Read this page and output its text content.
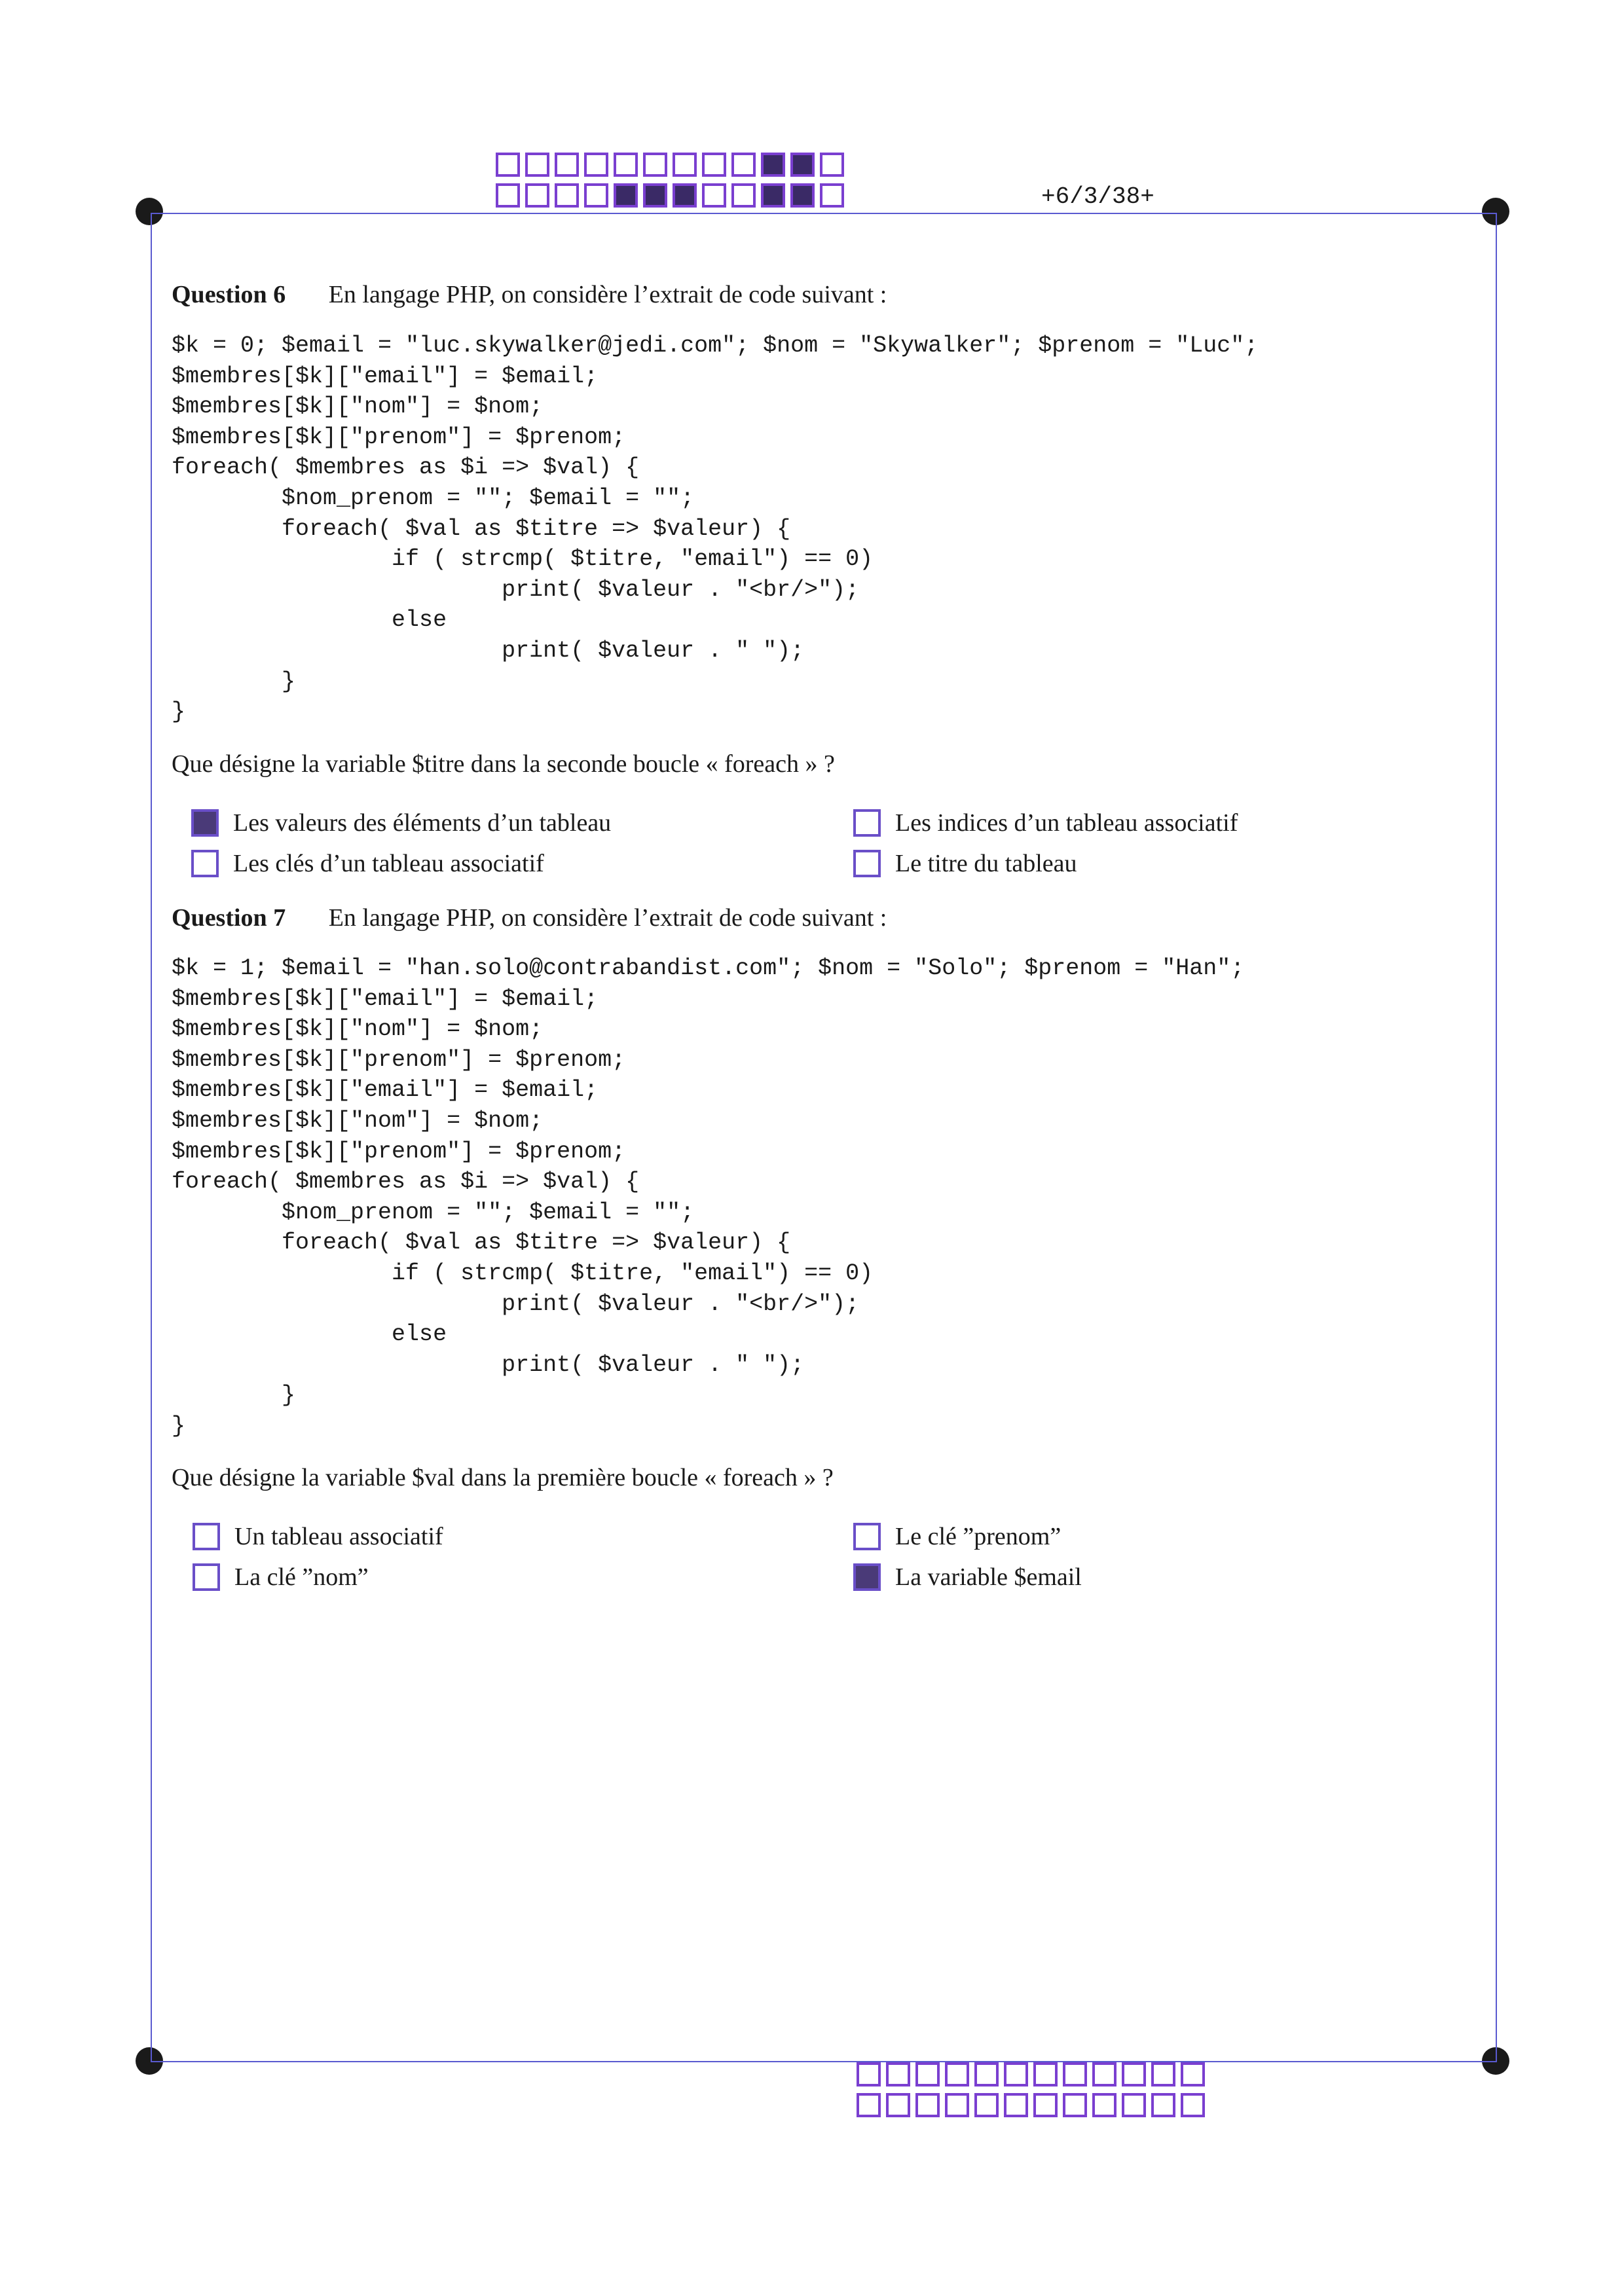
+6/3/38+
Question 6 En langage PHP, on considère l’extrait de code suivant :
$k = 0; $email = "luc.skywalker@jedi.com"; $nom = "Skywalker"; $prenom = "Luc";
$membres[$k]["email"] = $email;
$membres[$k]["nom"] = $nom;
$membres[$k]["prenom"] = $prenom;
foreach( $membres as $i => $val) {
$nom_prenom = ""; $email = "";
foreach( $val as $titre => $valeur) {
if ( strcmp( $titre, "email") == 0)
print( $valeur . "<br/>");
else
print( $valeur . " ");
}
}
Que désigne la variable $titre dans la seconde boucle « foreach » ?
Les valeurs des éléments d’un tableau	Les indices d’un tableau associatif
Les clés d’un tableau associatif	Le titre du tableau
Question 7 En langage PHP, on considère l’extrait de code suivant :
$k = 1; $email = "han.solo@contrabandist.com"; $nom = "Solo"; $prenom = "Han";
$membres[$k]["email"] = $email;
$membres[$k]["nom"] = $nom;
$membres[$k]["prenom"] = $prenom;
$membres[$k]["email"] = $email;
$membres[$k]["nom"] = $nom;
$membres[$k]["prenom"] = $prenom;
foreach( $membres as $i => $val) {
$nom_prenom = ""; $email = "";
foreach( $val as $titre => $valeur) {
if ( strcmp( $titre, "email") == 0)
print( $valeur . "<br/>");
else
print( $valeur . " ");
}
}
Que désigne la variable $val dans la première boucle « foreach » ?
Un tableau associatif	Le clé ”prenom”
La clé ”nom”	La variable $email
